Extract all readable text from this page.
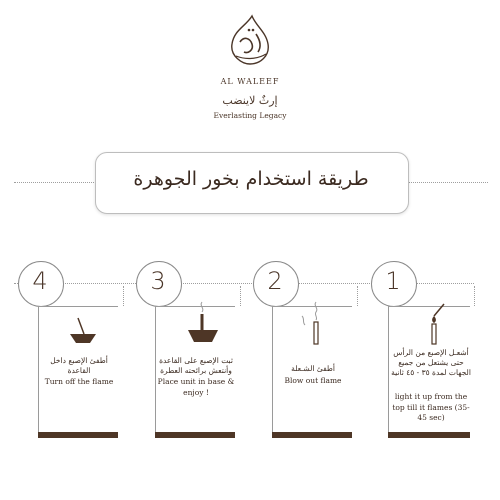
AL WALEEF
إرثٌ لاينضب
Everlasting Legacy
طريقة استخدام بخور الجوهرة
4	3	2	1
أطفئ الإصبع داخل القاعدة
Turn off the flame
ثبت الإصبع على القاعدة وأنتعش برائحته العطرة
Place unit in base & enjoy !
أطفئ الشـعلة
Blow out flame
أشعـل الإصبع من الرأس حتى يشتعل من جميع الجهات لمدة ٣٥ - ٤٥ ثانية
light it up from the top till it flames (35-45 sec)
